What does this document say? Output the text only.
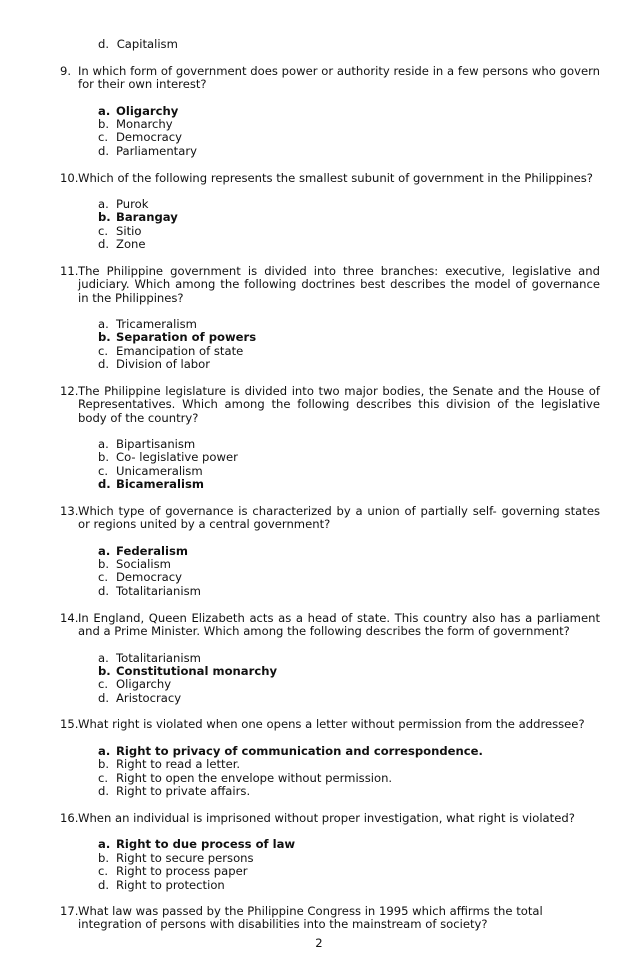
d. Capitalism
9. In which form of government does power or authority reside in a few persons who govern for their own interest?
a. Oligarchy
b. Monarchy
c. Democracy
d. Parliamentary
10. Which of the following represents the smallest subunit of government in the Philippines?
a. Purok
b. Barangay
c. Sitio
d. Zone
11. The Philippine government is divided into three branches: executive, legislative and judiciary. Which among the following doctrines best describes the model of governance in the Philippines?
a. Tricameralism
b. Separation of powers
c. Emancipation of state
d. Division of labor
12. The Philippine legislature is divided into two major bodies, the Senate and the House of Representatives. Which among the following describes this division of the legislative body of the country?
a. Bipartisanism
b. Co- legislative power
c. Unicameralism
d. Bicameralism
13. Which type of governance is characterized by a union of partially self- governing states or regions united by a central government?
a. Federalism
b. Socialism
c. Democracy
d. Totalitarianism
14. In England, Queen Elizabeth acts as a head of state. This country also has a parliament and a Prime Minister. Which among the following describes the form of government?
a. Totalitarianism
b. Constitutional monarchy
c. Oligarchy
d. Aristocracy
15. What right is violated when one opens a letter without permission from the addressee?
a. Right to privacy of communication and correspondence.
b. Right to read a letter.
c. Right to open the envelope without permission.
d. Right to private affairs.
16. When an individual is imprisoned without proper investigation, what right is violated?
a. Right to due process of law
b. Right to secure persons
c. Right to process paper
d. Right to protection
17. What law was passed by the Philippine Congress in 1995 which affirms the total integration of persons with disabilities into the mainstream of society?
2
